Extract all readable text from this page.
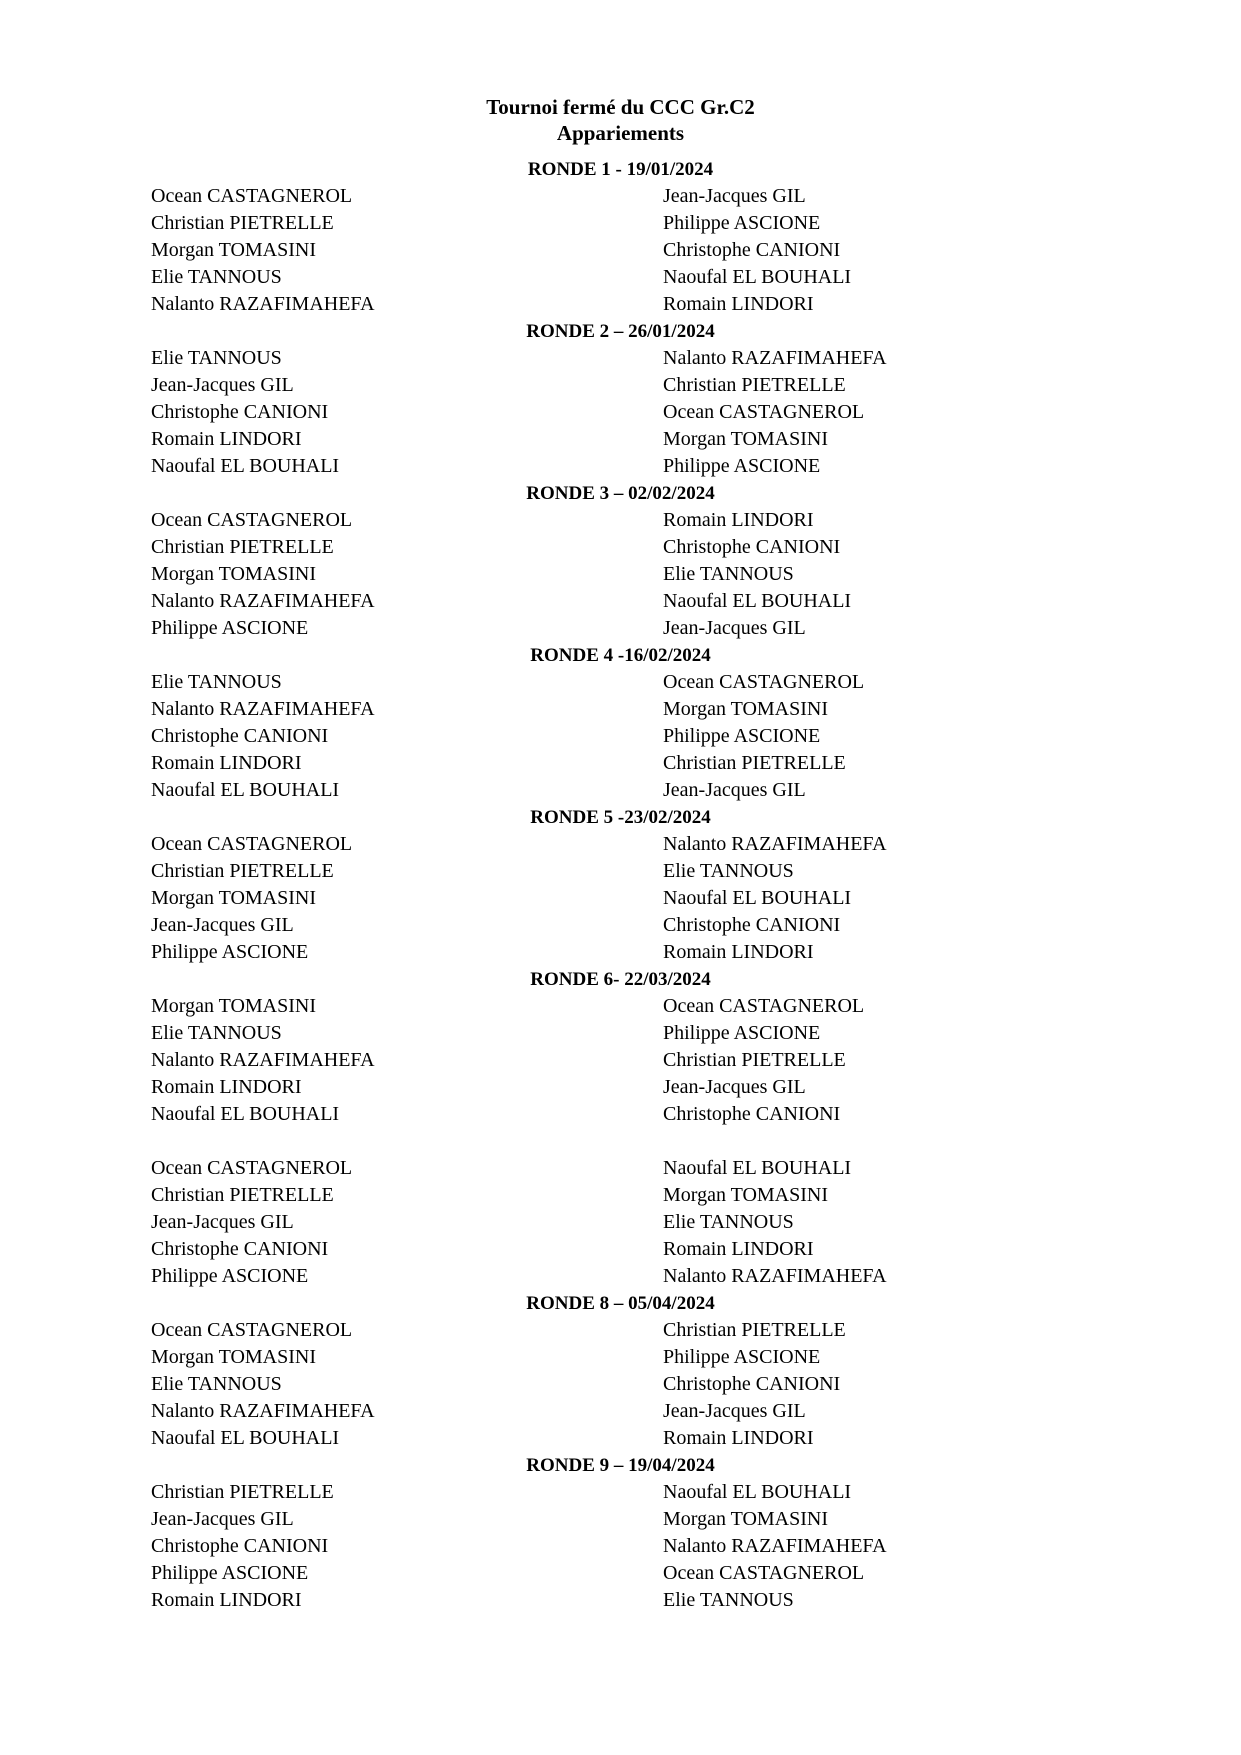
Tournoi fermé du CCC Gr.C2
Appariements
RONDE 1 - 19/01/2024
Ocean CASTAGNEROL	Jean-Jacques GIL
Christian PIETRELLE	Philippe ASCIONE
Morgan TOMASINI	Christophe CANIONI
Elie TANNOUS	Naoufal EL BOUHALI
Nalanto RAZAFIMAHEFA	Romain LINDORI
RONDE 2 – 26/01/2024
Elie TANNOUS	Nalanto RAZAFIMAHEFA
Jean-Jacques GIL	Christian PIETRELLE
Christophe CANIONI	Ocean CASTAGNEROL
Romain LINDORI	Morgan TOMASINI
Naoufal EL BOUHALI	Philippe ASCIONE
RONDE 3 – 02/02/2024
Ocean CASTAGNEROL	Romain LINDORI
Christian PIETRELLE	Christophe CANIONI
Morgan TOMASINI	Elie TANNOUS
Nalanto RAZAFIMAHEFA	Naoufal EL BOUHALI
Philippe ASCIONE	Jean-Jacques GIL
RONDE 4 -16/02/2024
Elie TANNOUS	Ocean CASTAGNEROL
Nalanto RAZAFIMAHEFA	Morgan TOMASINI
Christophe CANIONI	Philippe ASCIONE
Romain LINDORI	Christian PIETRELLE
Naoufal EL BOUHALI	Jean-Jacques GIL
RONDE 5 -23/02/2024
Ocean CASTAGNEROL	Nalanto RAZAFIMAHEFA
Christian PIETRELLE	Elie TANNOUS
Morgan TOMASINI	Naoufal EL BOUHALI
Jean-Jacques GIL	Christophe CANIONI
Philippe ASCIONE	Romain LINDORI
RONDE 6- 22/03/2024
Morgan TOMASINI	Ocean CASTAGNEROL
Elie TANNOUS	Philippe ASCIONE
Nalanto RAZAFIMAHEFA	Christian PIETRELLE
Romain LINDORI	Jean-Jacques GIL
Naoufal EL BOUHALI	Christophe CANIONI
Ocean CASTAGNEROL	Naoufal EL BOUHALI
Christian PIETRELLE	Morgan TOMASINI
Jean-Jacques GIL	Elie TANNOUS
Christophe CANIONI	Romain LINDORI
Philippe ASCIONE	Nalanto RAZAFIMAHEFA
RONDE 8 – 05/04/2024
Ocean CASTAGNEROL	Christian PIETRELLE
Morgan TOMASINI	Philippe ASCIONE
Elie TANNOUS	Christophe CANIONI
Nalanto RAZAFIMAHEFA	Jean-Jacques GIL
Naoufal EL BOUHALI	Romain LINDORI
RONDE 9 – 19/04/2024
Christian PIETRELLE	Naoufal EL BOUHALI
Jean-Jacques GIL	Morgan TOMASINI
Christophe CANIONI	Nalanto RAZAFIMAHEFA
Philippe ASCIONE	Ocean CASTAGNEROL
Romain LINDORI	Elie TANNOUS
